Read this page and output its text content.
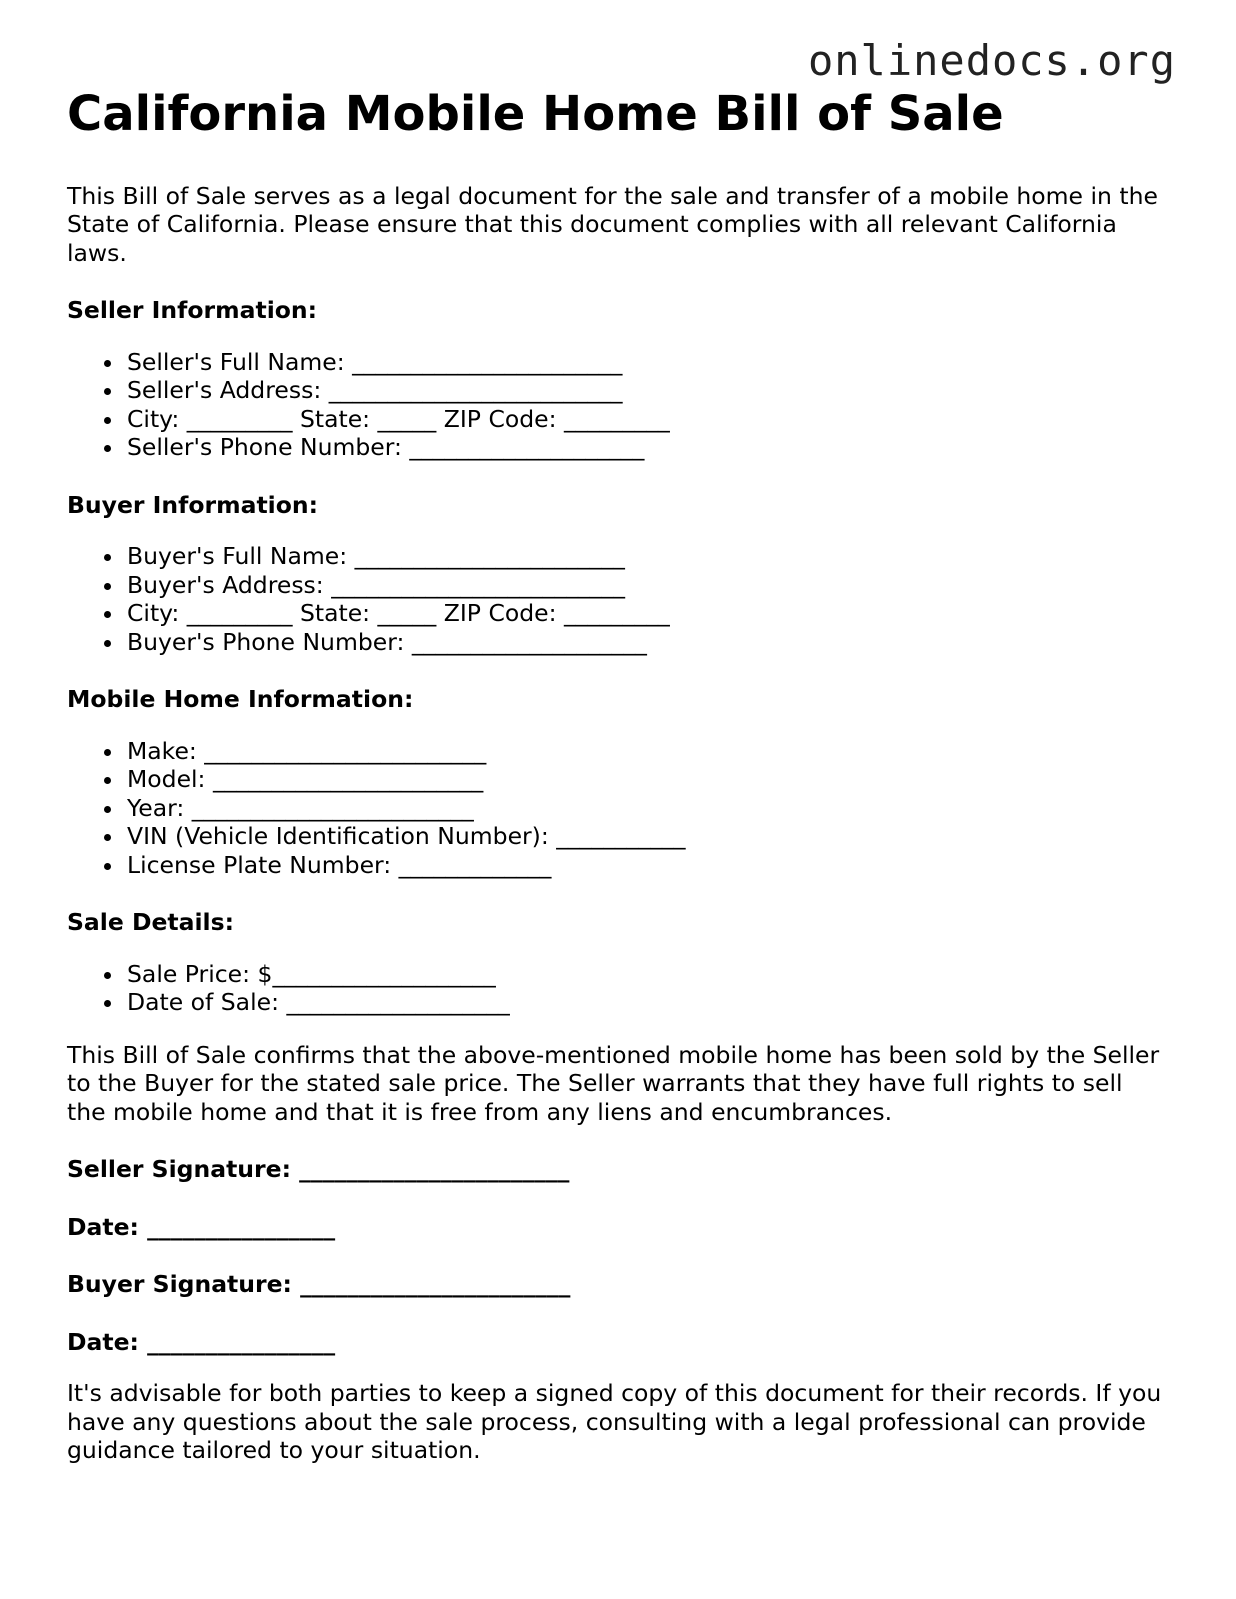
onlinedocs.org
California Mobile Home Bill of Sale

This Bill of Sale serves as a legal document for the sale and transfer of a mobile home in the State of California. Please ensure that this document complies with all relevant California laws.

Seller Information:
Seller's Full Name: _______________________
Seller's Address: _________________________
City: _________ State: _____ ZIP Code: _________
Seller's Phone Number: ____________________
Buyer Information:
Buyer's Full Name: _______________________
Buyer's Address: _________________________
City: _________ State: _____ ZIP Code: _________
Buyer's Phone Number: ____________________
Mobile Home Information:
Make: ________________________
Model: _______________________
Year: ________________________
VIN (Vehicle Identification Number): ___________
License Plate Number: _____________
Sale Details:
Sale Price: $___________________
Date of Sale: ___________________

This Bill of Sale confirms that the above-mentioned mobile home has been sold by the Seller to the Buyer for the stated sale price. The Seller warrants that they have full rights to sell the mobile home and that it is free from any liens and encumbrances.

Seller Signature: _______________________
Date: ________________
Buyer Signature: _______________________
Date: ________________

It's advisable for both parties to keep a signed copy of this document for their records. If you have any questions about the sale process, consulting with a legal professional can provide guidance tailored to your situation.
